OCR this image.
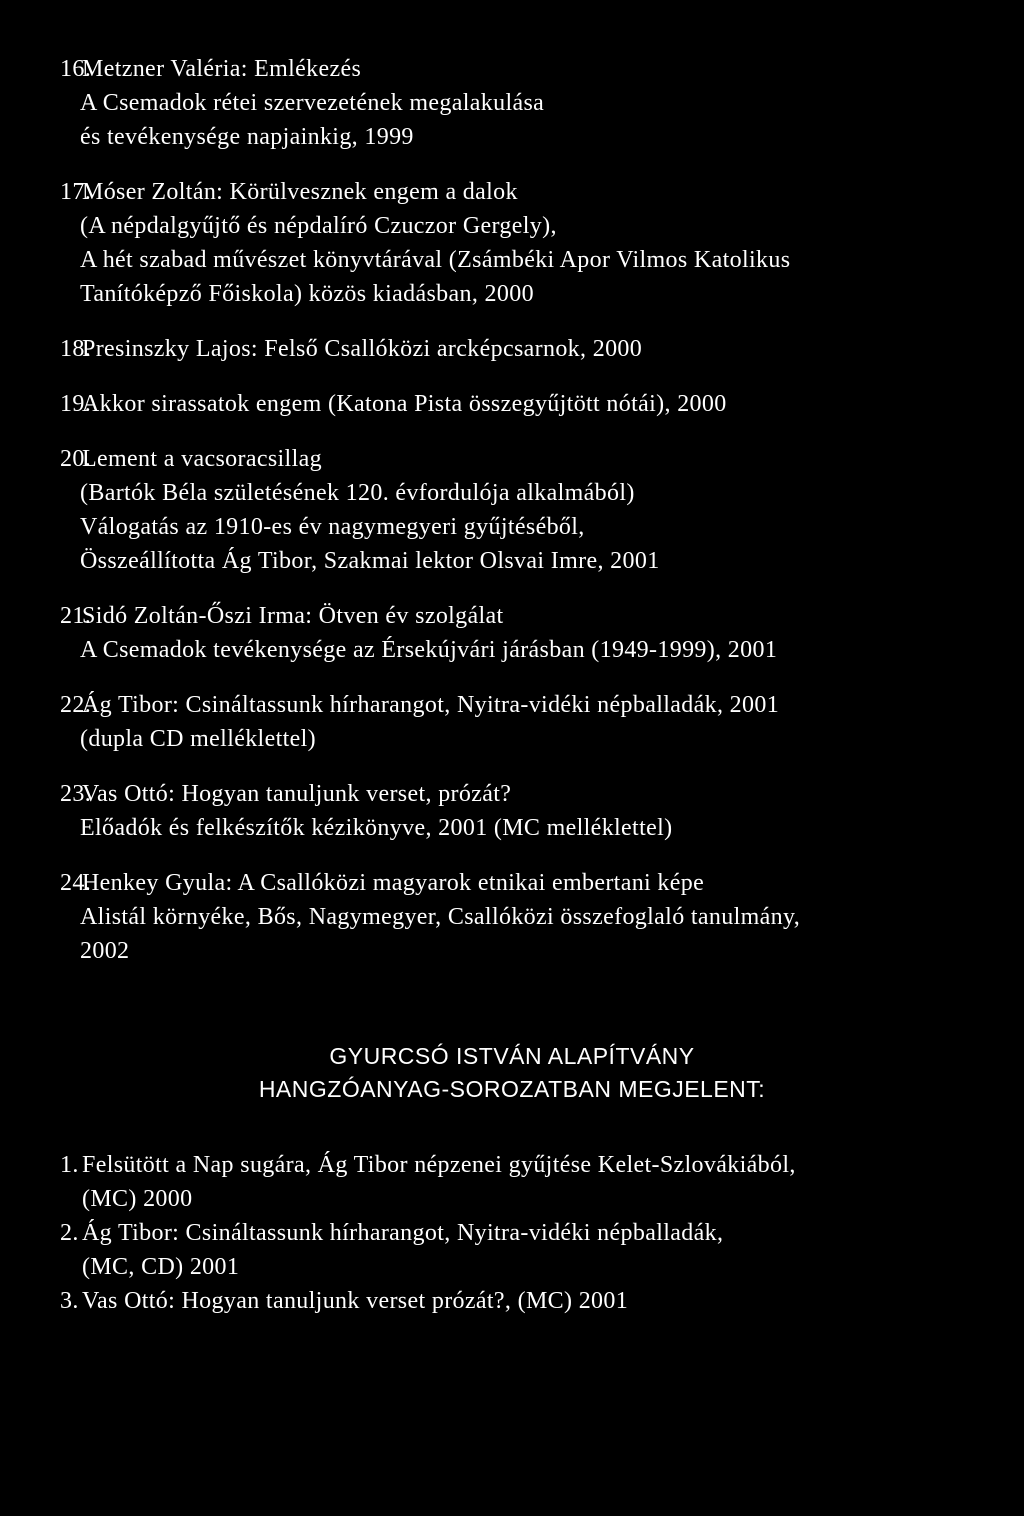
16.
Metzner Valéria: Emlékezés
A Csemadok rétei szervezetének megalakulása
és tevékenysége napjainkig, 1999
17.
Móser Zoltán: Körülvesznek engem a dalok
(A népdalgyűjtő és népdalíró Czuczor Gergely),
A hét szabad művészet könyvtárával (Zsámbéki Apor Vilmos Katolikus
Tanítóképző Főiskola) közös kiadásban, 2000
18.
Presinszky Lajos: Felső Csallóközi arcképcsarnok, 2000
19.
Akkor sirassatok engem (Katona Pista összegyűjtött nótái), 2000
20.
Lement a vacsoracsillag
(Bartók Béla születésének 120. évfordulója alkalmából)
Válogatás az 1910-es év nagymegyeri gyűjtéséből,
Összeállította Ág Tibor, Szakmai lektor Olsvai Imre, 2001
21.
Sidó Zoltán-Őszi Irma: Ötven év szolgálat
A Csemadok tevékenysége az Érsekújvári járásban (1949-1999), 2001
22.
Ág Tibor: Csináltassunk hírharangot, Nyitra-vidéki népballadák, 2001
(dupla CD melléklettel)
23.
Vas Ottó: Hogyan tanuljunk verset, prózát?
Előadók és felkészítők kézikönyve, 2001 (MC melléklettel)
24.
Henkey Gyula: A Csallóközi magyarok etnikai embertani képe
Alistál környéke, Bős, Nagymegyer, Csallóközi összefoglaló tanulmány,
2002
GYURCSÓ ISTVÁN ALAPÍTVÁNY
HANGZÓANYAG-SOROZATBAN MEGJELENT:
1. Felsütött a Nap sugára, Ág Tibor népzenei gyűjtése Kelet-Szlovákiából,
(MC) 2000
2. Ág Tibor: Csináltassunk hírharangot, Nyitra-vidéki népballadák,
(MC, CD) 2001
3. Vas Ottó: Hogyan tanuljunk verset prózát?, (MC) 2001
